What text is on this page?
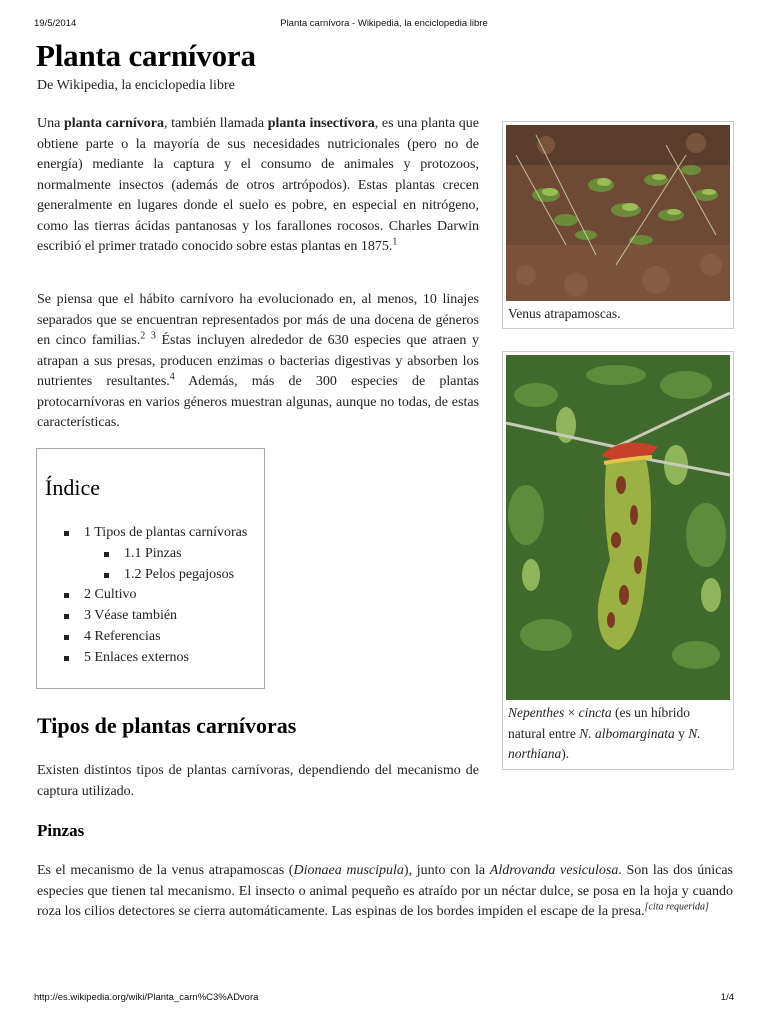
19/5/2014	Planta carnívora - Wikipedia, la enciclopedia libre
Planta carnívora
De Wikipedia, la enciclopedia libre

Una planta carnívora, también llamada planta insectívora, es una planta que obtiene parte o la mayoría de sus necesidades nutricionales (pero no de energía) mediante la captura y el consumo de animales y protozoos, normalmente insectos (además de otros artrópodos). Estas plantas crecen generalmente en lugares donde el suelo es pobre, en especial en nitrógeno, como las tierras ácidas pantanosas y los farallones rocosos. Charles Darwin escribió el primer tratado conocido sobre estas plantas en 1875.$^1$

Se piensa que el hábito carnívoro ha evolucionado en, al menos, 10 linajes separados que se encuentran representados por más de una docena de géneros en cinco familias.$^2$ $^3$ Éstas incluyen alrededor de 630 especies que atraen y atrapan a sus presas, producen enzimas o bacterias digestivas y absorben los nutrientes resultantes.$^4$ Además, más de 300 especies de plantas protocarnívoras en varios géneros muestran algunas, aunque no todas, de estas características.

Venus atrapamoscas.
Nepenthes × cincta (es un híbrido natural entre N. albomarginata y N. northiana).
Índice
1 Tipos de plantas carnívoras
1.1 Pinzas
1.2 Pelos pegajosos
2 Cultivo
3 Véase también
4 Referencias
5 Enlaces externos
Tipos de plantas carnívoras

Existen distintos tipos de plantas carnívoras, dependiendo del mecanismo de captura utilizado.

Pinzas

Es el mecanismo de la venus atrapamoscas (Dionaea muscipula), junto con la Aldrovanda vesiculosa. Son las dos únicas especies que tienen tal mecanismo. El insecto o animal pequeño es atraído por un néctar dulce, se posa en la hoja y cuando roza los cilios detectores se cierra automáticamente. Las espinas de los bordes impiden el escape de la presa.[cita requerida]

http://es.wikipedia.org/wiki/Planta_carn%C3%ADvora	1/4
